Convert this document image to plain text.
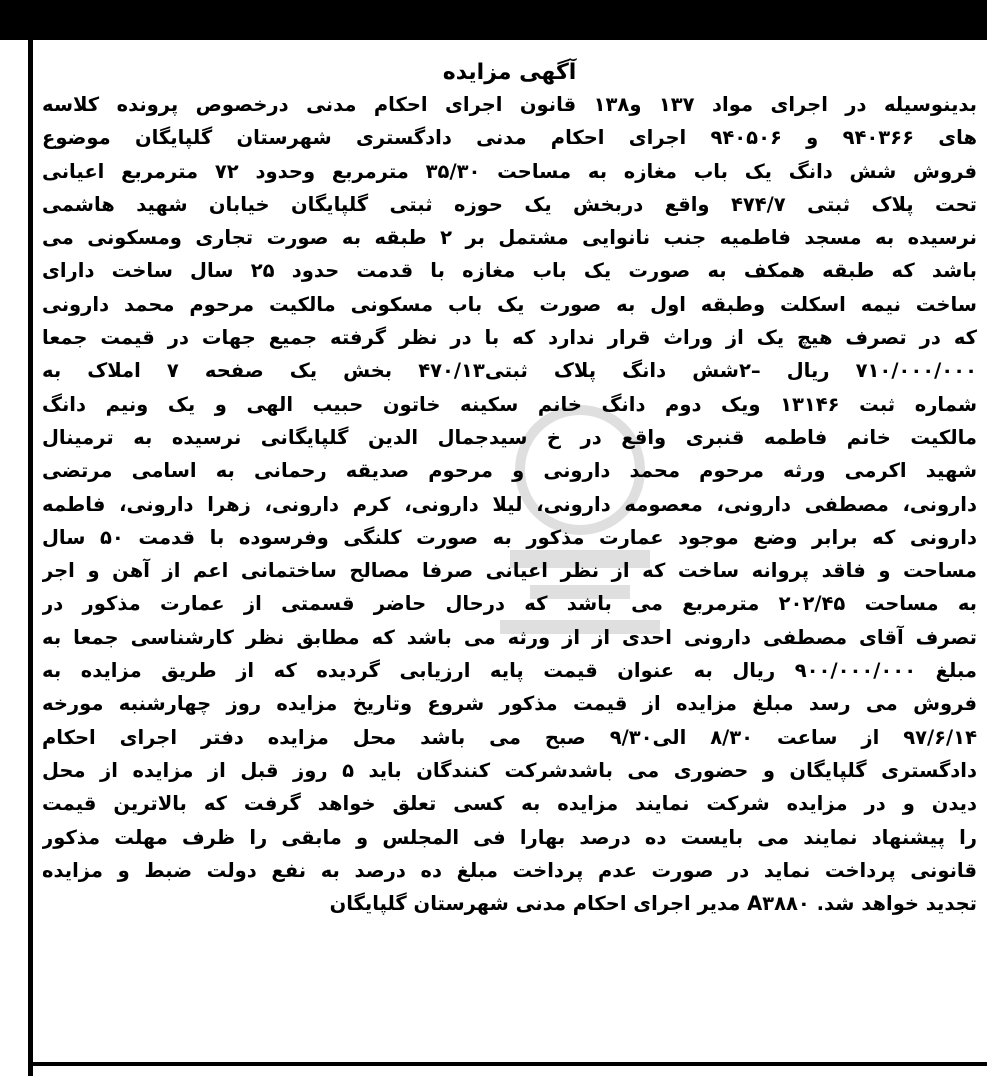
آگهی مزایده
بدینوسیله در اجرای مواد ۱۳۷ و۱۳۸ قانون اجرای احکام مدنی درخصوص پرونده کلاسه
های ۹۴۰۳۶۶ و ۹۴۰۵۰۶ اجرای احکام مدنی دادگستری شهرستان گلپایگان موضوع
فروش شش دانگ یک باب مغازه به مساحت ۳۵/۳۰ مترمربع وحدود ۷۲ مترمربع اعیانی
تحت پلاک ثبتی ۴۷۴/۷ واقع دربخش یک حوزه ثبتی گلپایگان خیابان شهید هاشمی
نرسیده به مسجد فاطمیه جنب نانوایی مشتمل بر ۲ طبقه به صورت تجاری ومسکونی می
باشد که طبقه همکف به صورت یک باب مغازه با قدمت حدود ۲۵ سال ساخت دارای
ساخت نیمه اسکلت وطبقه اول به صورت یک باب مسکونی مالکیت مرحوم محمد دارونی
که در تصرف هیچ یک از وراث قرار ندارد که با در نظر گرفته جمیع جهات در قیمت جمعا
۷۱۰/۰۰۰/۰۰۰ ریال –۲شش دانگ پلاک ثبتی۴۷۰/۱۳ بخش یک صفحه ۷ املاک به
شماره ثبت ۱۳۱۴۶ ویک دوم دانگ خانم سکینه خاتون حبیب الهی و یک ونیم دانگ
مالکیت خانم فاطمه قنبری واقع در خ سیدجمال الدین گلپایگانی نرسیده به ترمینال
شهید اکرمی ورثه مرحوم محمد دارونی و مرحوم صدیقه رحمانی به اسامی مرتضی
دارونی، مصطفی دارونی، معصومه دارونی، لیلا دارونی، کرم دارونی، زهرا دارونی، فاطمه
دارونی که برابر وضع موجود عمارت مذکور به صورت کلنگی وفرسوده با قدمت ۵۰ سال
مساحت و فاقد پروانه ساخت که از نظر اعیانی صرفا مصالح ساختمانی اعم از آهن و اجر
به مساحت ۲۰۲/۴۵ مترمربع می باشد که درحال حاضر قسمتی از عمارت مذکور در
تصرف آقای مصطفی دارونی احدی از از ورثه می باشد که مطابق نظر کارشناسی جمعا به
مبلغ ۹۰۰/۰۰۰/۰۰۰ ریال به عنوان قیمت پایه ارزیابی گردیده که از طریق مزایده به
فروش می رسد مبلغ مزایده از قیمت مذکور شروع وتاریخ مزایده روز چهارشنبه مورخه
۹۷/۶/۱۴ از ساعت ۸/۳۰ الی۹/۳۰ صبح می باشد محل مزایده دفتر اجرای احکام
دادگستری گلپایگان و حضوری می باشدشرکت کنندگان باید ۵ روز قبل از مزایده از محل
دیدن و در مزایده شرکت نمایند مزایده به کسی تعلق خواهد گرفت که بالاترین قیمت
را پیشنهاد نمایند می بایست ده درصد بهارا فی المجلس و مابقی را ظرف مهلت مذکور
قانونی پرداخت نماید در صورت عدم پرداخت مبلغ ده درصد به نفع دولت ضبط و مزایده
تجدید خواهد شد. A۳۸۸۰ مدیر اجرای احکام مدنی شهرستان گلپایگان
